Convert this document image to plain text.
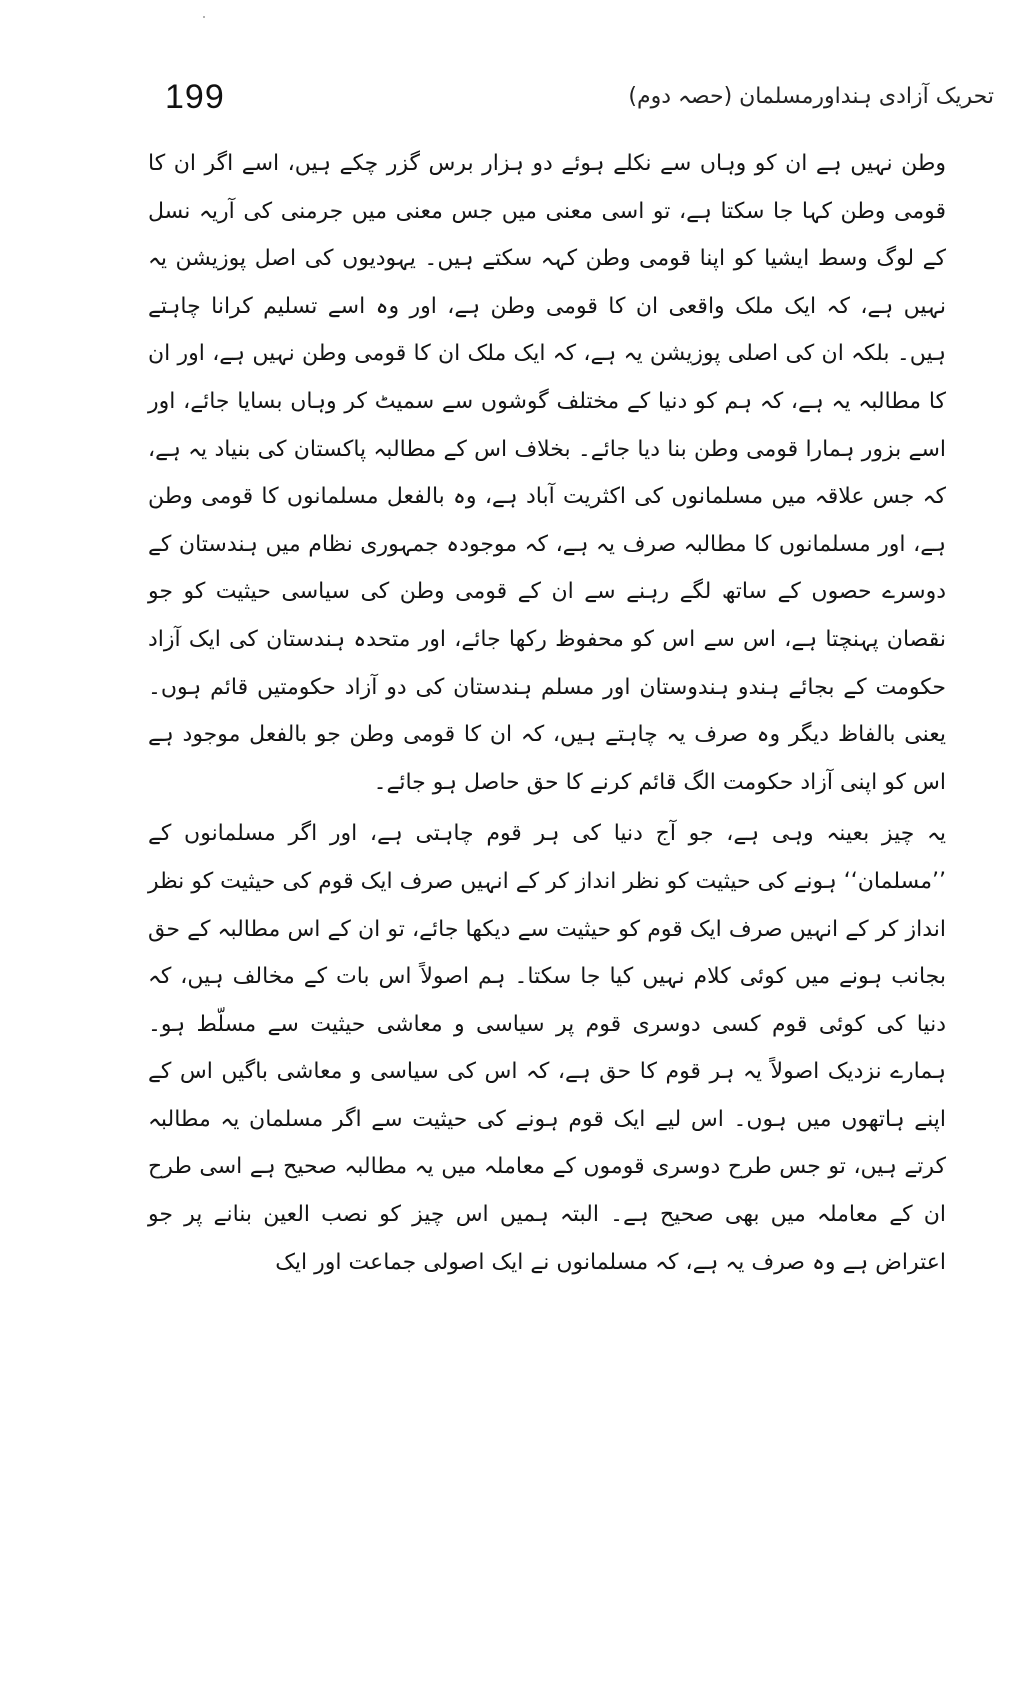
199	تحریک آزادی ہنداورمسلمان (حصہ دوم)

وطن نہیں ہے ان کو وہاں سے نکلے ہوئے دو ہزار برس گزر چکے ہیں، اسے اگر ان کا قومی وطن کہا جا سکتا ہے، تو اسی معنی میں جس معنی میں جرمنی کی آریہ نسل کے لوگ وسط ایشیا کو اپنا قومی وطن کہہ سکتے ہیں۔ یہودیوں کی اصل پوزیشن یہ نہیں ہے، کہ ایک ملک واقعی ان کا قومی وطن ہے، اور وہ اسے تسلیم کرانا چاہتے ہیں۔ بلکہ ان کی اصلی پوزیشن یہ ہے، کہ ایک ملک ان کا قومی وطن نہیں ہے، اور ان کا مطالبہ یہ ہے، کہ ہم کو دنیا کے مختلف گوشوں سے سمیٹ کر وہاں بسایا جائے، اور اسے بزور ہمارا قومی وطن بنا دیا جائے۔ بخلاف اس کے مطالبہ پاکستان کی بنیاد یہ ہے، کہ جس علاقہ میں مسلمانوں کی اکثریت آباد ہے، وہ بالفعل مسلمانوں کا قومی وطن ہے، اور مسلمانوں کا مطالبہ صرف یہ ہے، کہ موجودہ جمہوری نظام میں ہندستان کے دوسرے حصوں کے ساتھ لگے رہنے سے ان کے قومی وطن کی سیاسی حیثیت کو جو نقصان پہنچتا ہے، اس سے اس کو محفوظ رکھا جائے، اور متحدہ ہندستان کی ایک آزاد حکومت کے بجائے ہندو ہندوستان اور مسلم ہندستان کی دو آزاد حکومتیں قائم ہوں۔ یعنی بالفاظ دیگر وہ صرف یہ چاہتے ہیں، کہ ان کا قومی وطن جو بالفعل موجود ہے اس کو اپنی آزاد حکومت الگ قائم کرنے کا حق حاصل ہو جائے۔

یہ چیز بعینہ وہی ہے، جو آج دنیا کی ہر قوم چاہتی ہے، اور اگر مسلمانوں کے ’’مسلمان‘‘ ہونے کی حیثیت کو نظر انداز کر کے انہیں صرف ایک قوم کی حیثیت کو نظر انداز کر کے انہیں صرف ایک قوم کو حیثیت سے دیکھا جائے، تو ان کے اس مطالبہ کے حق بجانب ہونے میں کوئی کلام نہیں کیا جا سکتا۔ ہم اصولاً اس بات کے مخالف ہیں، کہ دنیا کی کوئی قوم کسی دوسری قوم پر سیاسی و معاشی حیثیت سے مسلّط ہو۔ ہمارے نزدیک اصولاً یہ ہر قوم کا حق ہے، کہ اس کی سیاسی و معاشی باگیں اس کے اپنے ہاتھوں میں ہوں۔ اس لیے ایک قوم ہونے کی حیثیت سے اگر مسلمان یہ مطالبہ کرتے ہیں، تو جس طرح دوسری قوموں کے معاملہ میں یہ مطالبہ صحیح ہے اسی طرح ان کے معاملہ میں بھی صحیح ہے۔ البتہ ہمیں اس چیز کو نصب العین بنانے پر جو اعتراض ہے وہ صرف یہ ہے، کہ مسلمانوں نے ایک اصولی جماعت اور ایک
